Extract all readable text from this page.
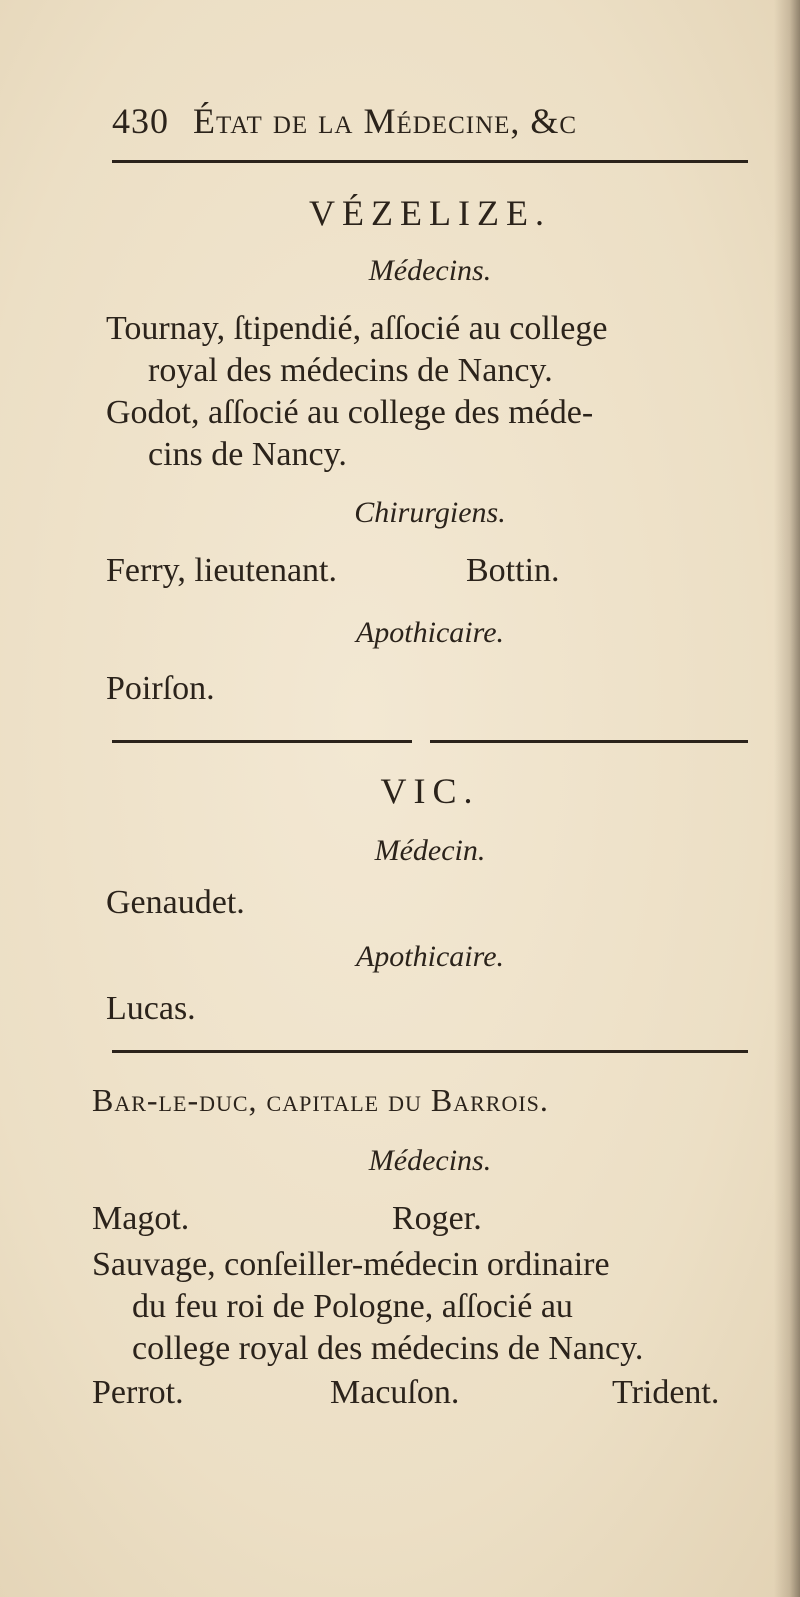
430 État de la Médecine, &c
VÉZELIZE.
Médecins.
Tournay, ſtipendié, aſſocié au college
royal des médecins de Nancy.
Godot, aſſocié au college des méde-
cins de Nancy.
Chirurgiens.
Ferry, lieutenant.	Bottin.
Apothicaire.
Poirſon.
VIC.
Médecin.
Genaudet.
Apothicaire.
Lucas.
Bar-le-duc, capitale du Barrois.
Médecins.
Magot.	Roger.
Sauvage, conſeiller-médecin ordinaire
du feu roi de Pologne, aſſocié au
college royal des médecins de Nancy.
Perrot.	Macuſon.	Trident.
